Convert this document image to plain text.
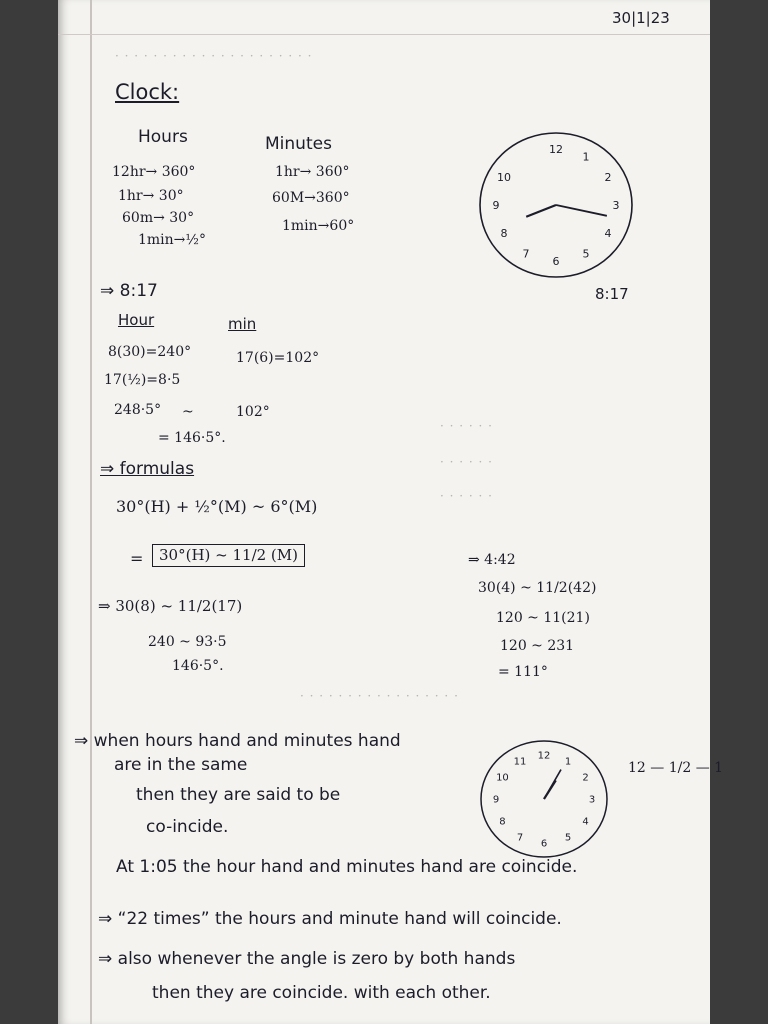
30|1|23
· · · · · · · · · · · · · · · · · · · · ·
Clock:
Hours
12hr→ 360°
1hr→ 30°
60m→ 30°
1min→½°
Minutes
1hr→ 360°
60M→360°
1min→60°
12
1
2
3
4
5
6
7
8
9
10
8:17
⇒ 8:17
Hour	min
8(30)=240°	17(6)=102°
17(½)=8·5
248·5° ~	102°
= 146·5°.
· · · · · ·
· · · · · ·
· · · · · ·
⇒ formulas
30°(H) + ½°(M) ~ 6°(M)
=	30°(H) ~ 11/2 (M)
⇒ 30(8) ~ 11/2(17)
240 ~ 93·5
146·5°.
⇒ 4:42
30(4) ~ 11/2(42)
120 ~ 11(21)
120 ~ 231
= 111°
· · · · · · · · · · · · · · · · ·
12
1
2
3
4
5
6
7
8
9
10
11	12 — 1/2 — 1
⇒ when hours hand and minutes hand
are in the same
then they are said to be
co-incide.
At 1:05 the hour hand and minutes hand are coincide.
⇒ “22 times” the hours and minute hand will coincide.
⇒ also whenever the angle is zero by both hands
then they are coincide. with each other.
